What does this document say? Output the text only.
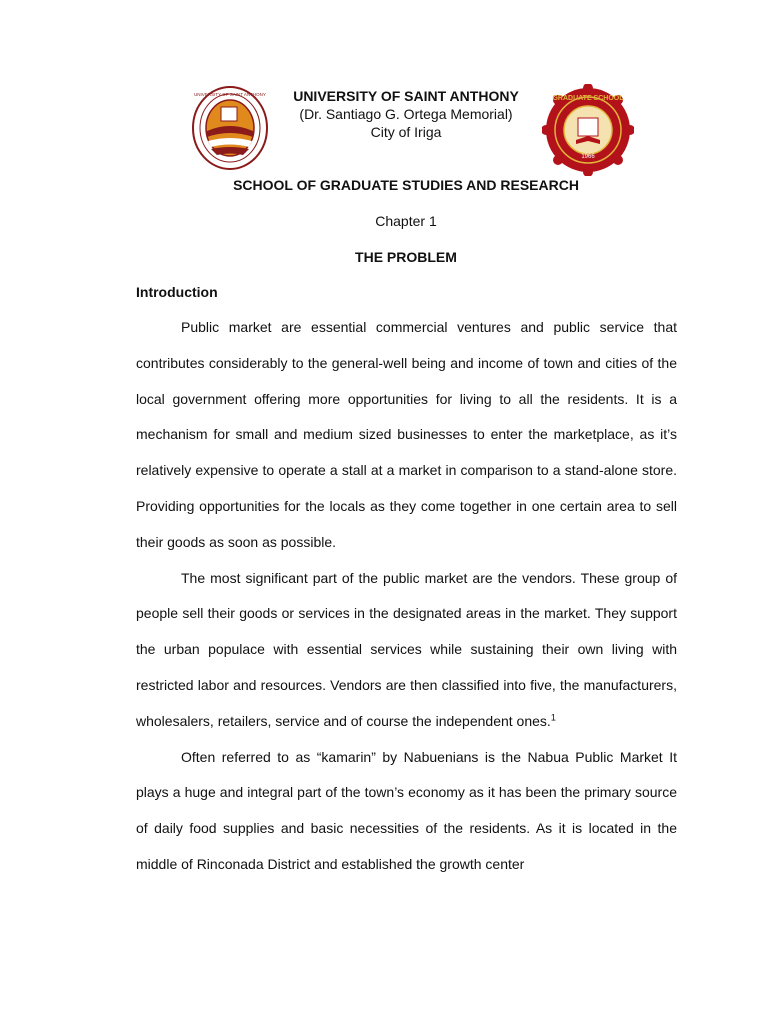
UNIVERSITY OF SAINT ANTHONY	UNIVERSITY OF SAINT ANTHONY
(Dr. Santiago G. Ortega Memorial)
City of Iriga
GRADUATE SCHOOL
1966
SCHOOL OF GRADUATE STUDIES AND RESEARCH
Chapter 1
THE PROBLEM
Introduction

Public market are essential commercial ventures and public service that contributes considerably to the general-well being and income of town and cities of the local government offering more opportunities for living to all the residents. It is a mechanism for small and medium sized businesses to enter the marketplace, as it’s relatively expensive to operate a stall at a market in comparison to a stand-alone store. Providing opportunities for the locals as they come together in one certain area to sell their goods as soon as possible.

The most significant part of the public market are the vendors. These group of people sell their goods or services in the designated areas in the market. They support the urban populace with essential services while sustaining their own living with restricted labor and resources. Vendors are then classified into five, the manufacturers, wholesalers, retailers, service and of course the independent ones.$^1$

Often referred to as “kamarin” by Nabuenians is the Nabua Public Market It plays a huge and integral part of the town’s economy as it has been the primary source of daily food supplies and basic necessities of the residents. As it is located in the middle of Rinconada District and established the growth center
